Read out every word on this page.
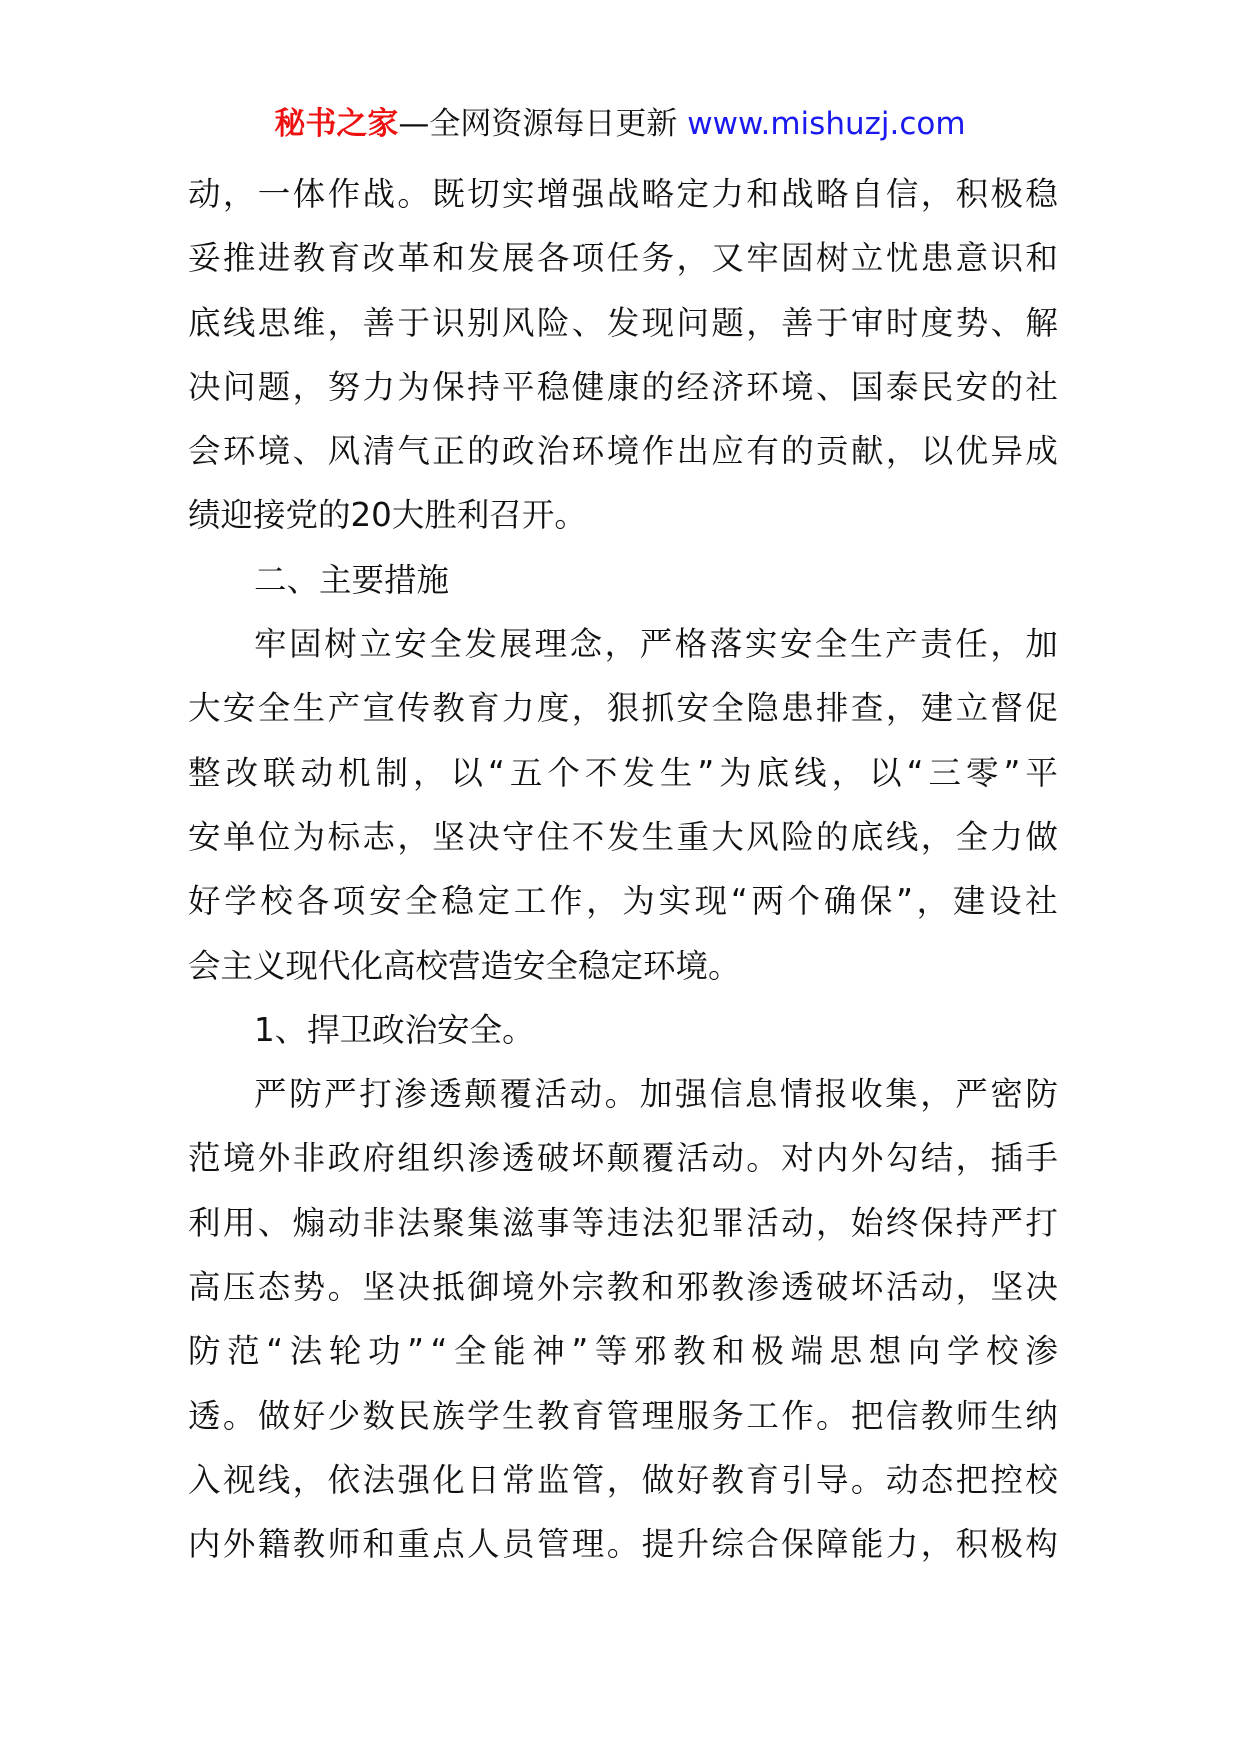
秘书之家—全网资源每日更新 www.mishuzj.com
动 ， 一 体 作 战 。 既 切 实 增 强 战 略 定 力 和 战 略 自 信 ， 积 极 稳
妥 推 进 教 育 改 革 和 发 展 各 项 任 务 ， 又 牢 固 树 立 忧 患 意 识 和
底 线 思 维 ， 善 于 识 别 风 险 、 发 现 问 题 ， 善 于 审 时 度 势 、 解
决 问 题 ， 努 力 为 保 持 平 稳 健 康 的 经 济 环 境 、 国 泰 民 安 的 社
会 环 境 、 风 清 气 正 的 政 治 环 境 作 出 应 有 的 贡 献 ， 以 优 异 成
绩迎接党的20大胜利召开。
二、主要措施
牢 固 树 立 安 全 发 展 理 念 ， 严 格 落 实 安 全 生 产 责 任 ， 加
大 安 全 生 产 宣 传 教 育 力 度 ， 狠 抓 安 全 隐 患 排 查 ， 建 立 督 促
整 改 联 动 机 制 ， 以 “ 五 个 不 发 生 ” 为 底 线 ， 以 “ 三 零 ” 平
安 单 位 为 标 志 ， 坚 决 守 住 不 发 生 重 大 风 险 的 底 线 ， 全 力 做
好 学 校 各 项 安 全 稳 定 工 作 ， 为 实 现 “ 两 个 确 保 ” ， 建 设 社
会主义现代化高校营造安全稳定环境。
1、捍卫政治安全。
严 防 严 打 渗 透 颠 覆 活 动 。 加 强 信 息 情 报 收 集 ， 严 密 防
范 境 外 非 政 府 组 织 渗 透 破 坏 颠 覆 活 动 。 对 内 外 勾 结 ， 插 手
利 用 、 煽 动 非 法 聚 集 滋 事 等 违 法 犯 罪 活 动 ， 始 终 保 持 严 打
高 压 态 势 。 坚 决 抵 御 境 外 宗 教 和 邪 教 渗 透 破 坏 活 动 ， 坚 决
防 范 “ 法 轮 功 ” “ 全 能 神 ” 等 邪 教 和 极 端 思 想 向 学 校 渗
透 。 做 好 少 数 民 族 学 生 教 育 管 理 服 务 工 作 。 把 信 教 师 生 纳
入 视 线 ， 依 法 强 化 日 常 监 管 ， 做 好 教 育 引 导 。 动 态 把 控 校
内 外 籍 教 师 和 重 点 人 员 管 理 。 提 升 综 合 保 障 能 力 ， 积 极 构
